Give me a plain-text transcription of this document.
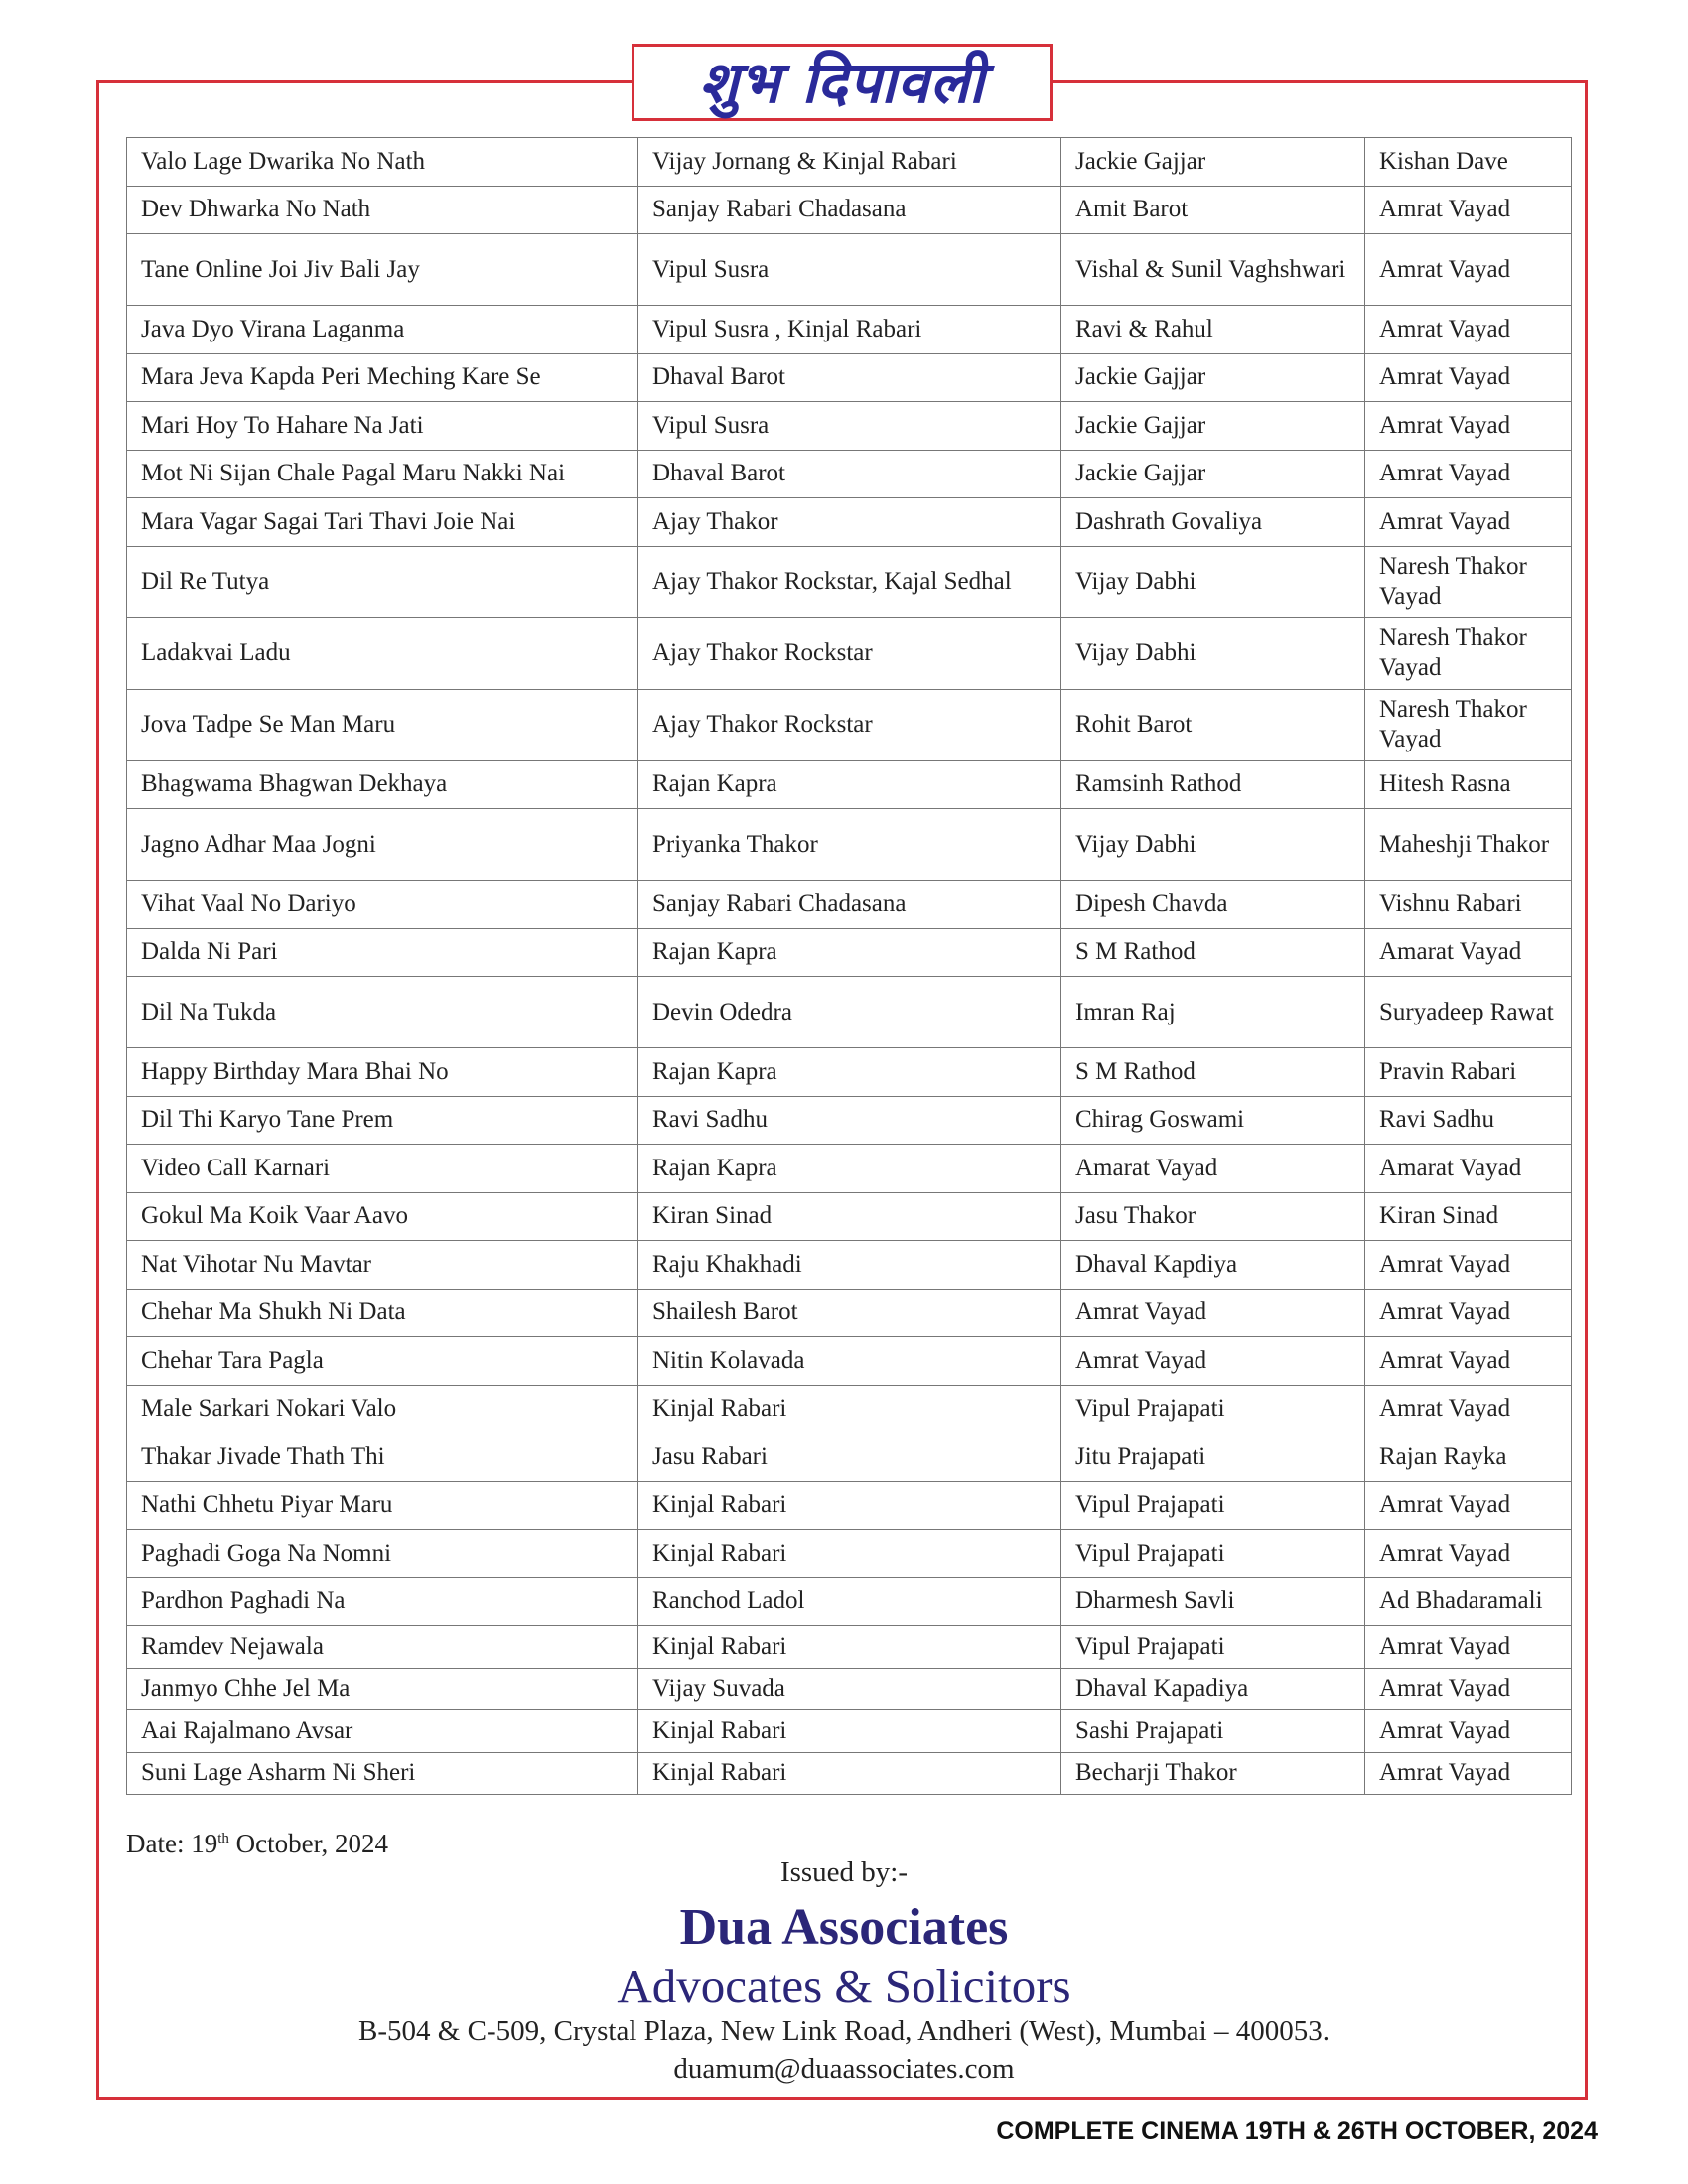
शुभ दिपावली
Valo Lage Dwarika No Nath	Vijay Jornang & Kinjal Rabari	Jackie Gajjar	Kishan Dave
Dev Dhwarka No Nath	Sanjay Rabari Chadasana	Amit Barot	Amrat Vayad
Tane Online Joi Jiv Bali Jay	Vipul Susra	Vishal & Sunil Vaghshwari	Amrat Vayad
Java Dyo Virana Laganma	Vipul Susra , Kinjal Rabari	Ravi & Rahul	Amrat Vayad
Mara Jeva Kapda Peri Meching Kare Se	Dhaval Barot	Jackie Gajjar	Amrat Vayad
Mari Hoy To Hahare Na Jati	Vipul Susra	Jackie Gajjar	Amrat Vayad
Mot Ni Sijan Chale Pagal Maru Nakki Nai	Dhaval Barot	Jackie Gajjar	Amrat Vayad
Mara Vagar Sagai Tari Thavi Joie Nai	Ajay Thakor	Dashrath Govaliya	Amrat Vayad
Dil Re Tutya	Ajay Thakor Rockstar, Kajal Sedhal	Vijay Dabhi	Naresh Thakor Vayad
Ladakvai Ladu	Ajay Thakor Rockstar	Vijay Dabhi	Naresh Thakor Vayad
Jova Tadpe Se Man Maru	Ajay Thakor Rockstar	Rohit Barot	Naresh Thakor Vayad
Bhagwama Bhagwan Dekhaya	Rajan Kapra	Ramsinh Rathod	Hitesh Rasna
Jagno Adhar Maa Jogni	Priyanka Thakor	Vijay Dabhi	Maheshji Thakor
Vihat Vaal No Dariyo	Sanjay Rabari Chadasana	Dipesh Chavda	Vishnu Rabari
Dalda Ni Pari	Rajan Kapra	S M Rathod	Amarat Vayad
Dil Na Tukda	Devin Odedra	Imran Raj	Suryadeep Rawat
Happy Birthday Mara Bhai No	Rajan Kapra	S M Rathod	Pravin Rabari
Dil Thi Karyo Tane Prem	Ravi Sadhu	Chirag Goswami	Ravi Sadhu
Video Call Karnari	Rajan Kapra	Amarat Vayad	Amarat Vayad
Gokul Ma Koik Vaar Aavo	Kiran Sinad	Jasu Thakor	Kiran Sinad
Nat Vihotar Nu Mavtar	Raju Khakhadi	Dhaval Kapdiya	Amrat Vayad
Chehar Ma Shukh Ni Data	Shailesh Barot	Amrat Vayad	Amrat Vayad
Chehar Tara Pagla	Nitin Kolavada	Amrat Vayad	Amrat Vayad
Male Sarkari Nokari Valo	Kinjal Rabari	Vipul Prajapati	Amrat Vayad
Thakar Jivade Thath Thi	Jasu Rabari	Jitu Prajapati	Rajan Rayka
Nathi Chhetu Piyar Maru	Kinjal Rabari	Vipul Prajapati	Amrat Vayad
Paghadi Goga Na Nomni	Kinjal Rabari	Vipul Prajapati	Amrat Vayad
Pardhon Paghadi Na	Ranchod Ladol	Dharmesh Savli	Ad Bhadaramali
Ramdev Nejawala	Kinjal Rabari	Vipul Prajapati	Amrat Vayad
Janmyo Chhe Jel Ma	Vijay Suvada	Dhaval Kapadiya	Amrat Vayad
Aai Rajalmano Avsar	Kinjal Rabari	Sashi Prajapati	Amrat Vayad
Suni Lage Asharm Ni Sheri	Kinjal Rabari	Becharji Thakor	Amrat Vayad
Date: 19th October, 2024
Issued by:-
Dua Associates
Advocates & Solicitors
B-504 & C-509, Crystal Plaza, New Link Road, Andheri (West), Mumbai – 400053.
duamum@duaassociates.com
COMPLETE CINEMA 19TH & 26TH OCTOBER, 2024
